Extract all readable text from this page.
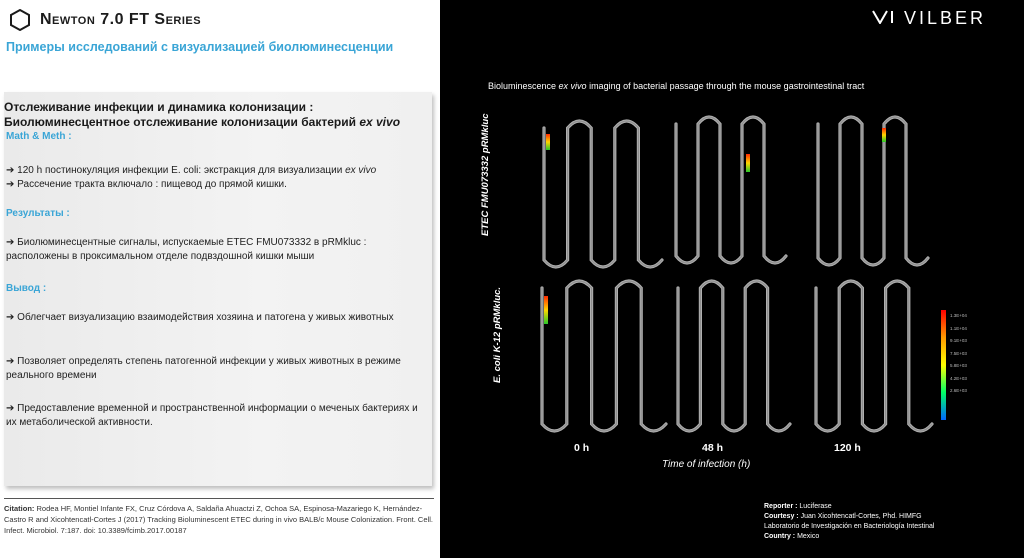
Newton 7.0 FT Series
Примеры исследований с визуализацией биолюминесценции
Отслеживание инфекции и динамика колонизации :
Биолюминесцентное отслеживание колонизации бактерий ex vivo
Math & Meth :
➔ 120 h постинокуляция инфекции E. coli: экстракция для визуализации ex vivo
➔ Рассечение тракта включало : пищевод до прямой кишки.
Результаты :
➔ Биолюминесцентные сигналы, испускаемые ETEC FMU073332 в pRMkluc : расположены в проксимальном отделе подвздошной кишки мыши
Вывод :
➔ Облегчает визуализацию взаимодействия хозяина и патогена у живых животных
➔ Позволяет определять степень патогенной инфекции у живых животных в режиме реального времени
➔ Предоставление временной и пространственной информации о меченых бактериях и их метаболической активности.
Citation: Rodea HF, Montiel Infante FX, Cruz Córdova A, Saldaña Ahuactzi Z, Ochoa SA, Espinosa-Mazariego K, Hernández-Castro R and Xicohtencatl-Cortes J (2017) Tracking Bioluminescent ETEC during in vivo BALB/c Mouse Colonization. Front. Cell. Infect. Microbiol. 7:187. doi: 10.3389/fcimb.2017.00187
VILBER
Bioluminescence ex vivo imaging of bacterial passage through the mouse gastrointestinal tract
ETEC FMU073332 pRMkluc
E. coli K-12 pRMkluc.
0 h	48 h	120 h
Time of infection (h)
1.3E+04
1.1E+04
9.1E+03
7.5E+03
5.8E+03
4.2E+03
2.6E+03
Reporter : Luciferase
Courtesy : Juan Xicohtencatl-Cortes, Phd. HIMFG
Laboratorio de Investigación en Bacteriología Intestinal
Country : Mexico
